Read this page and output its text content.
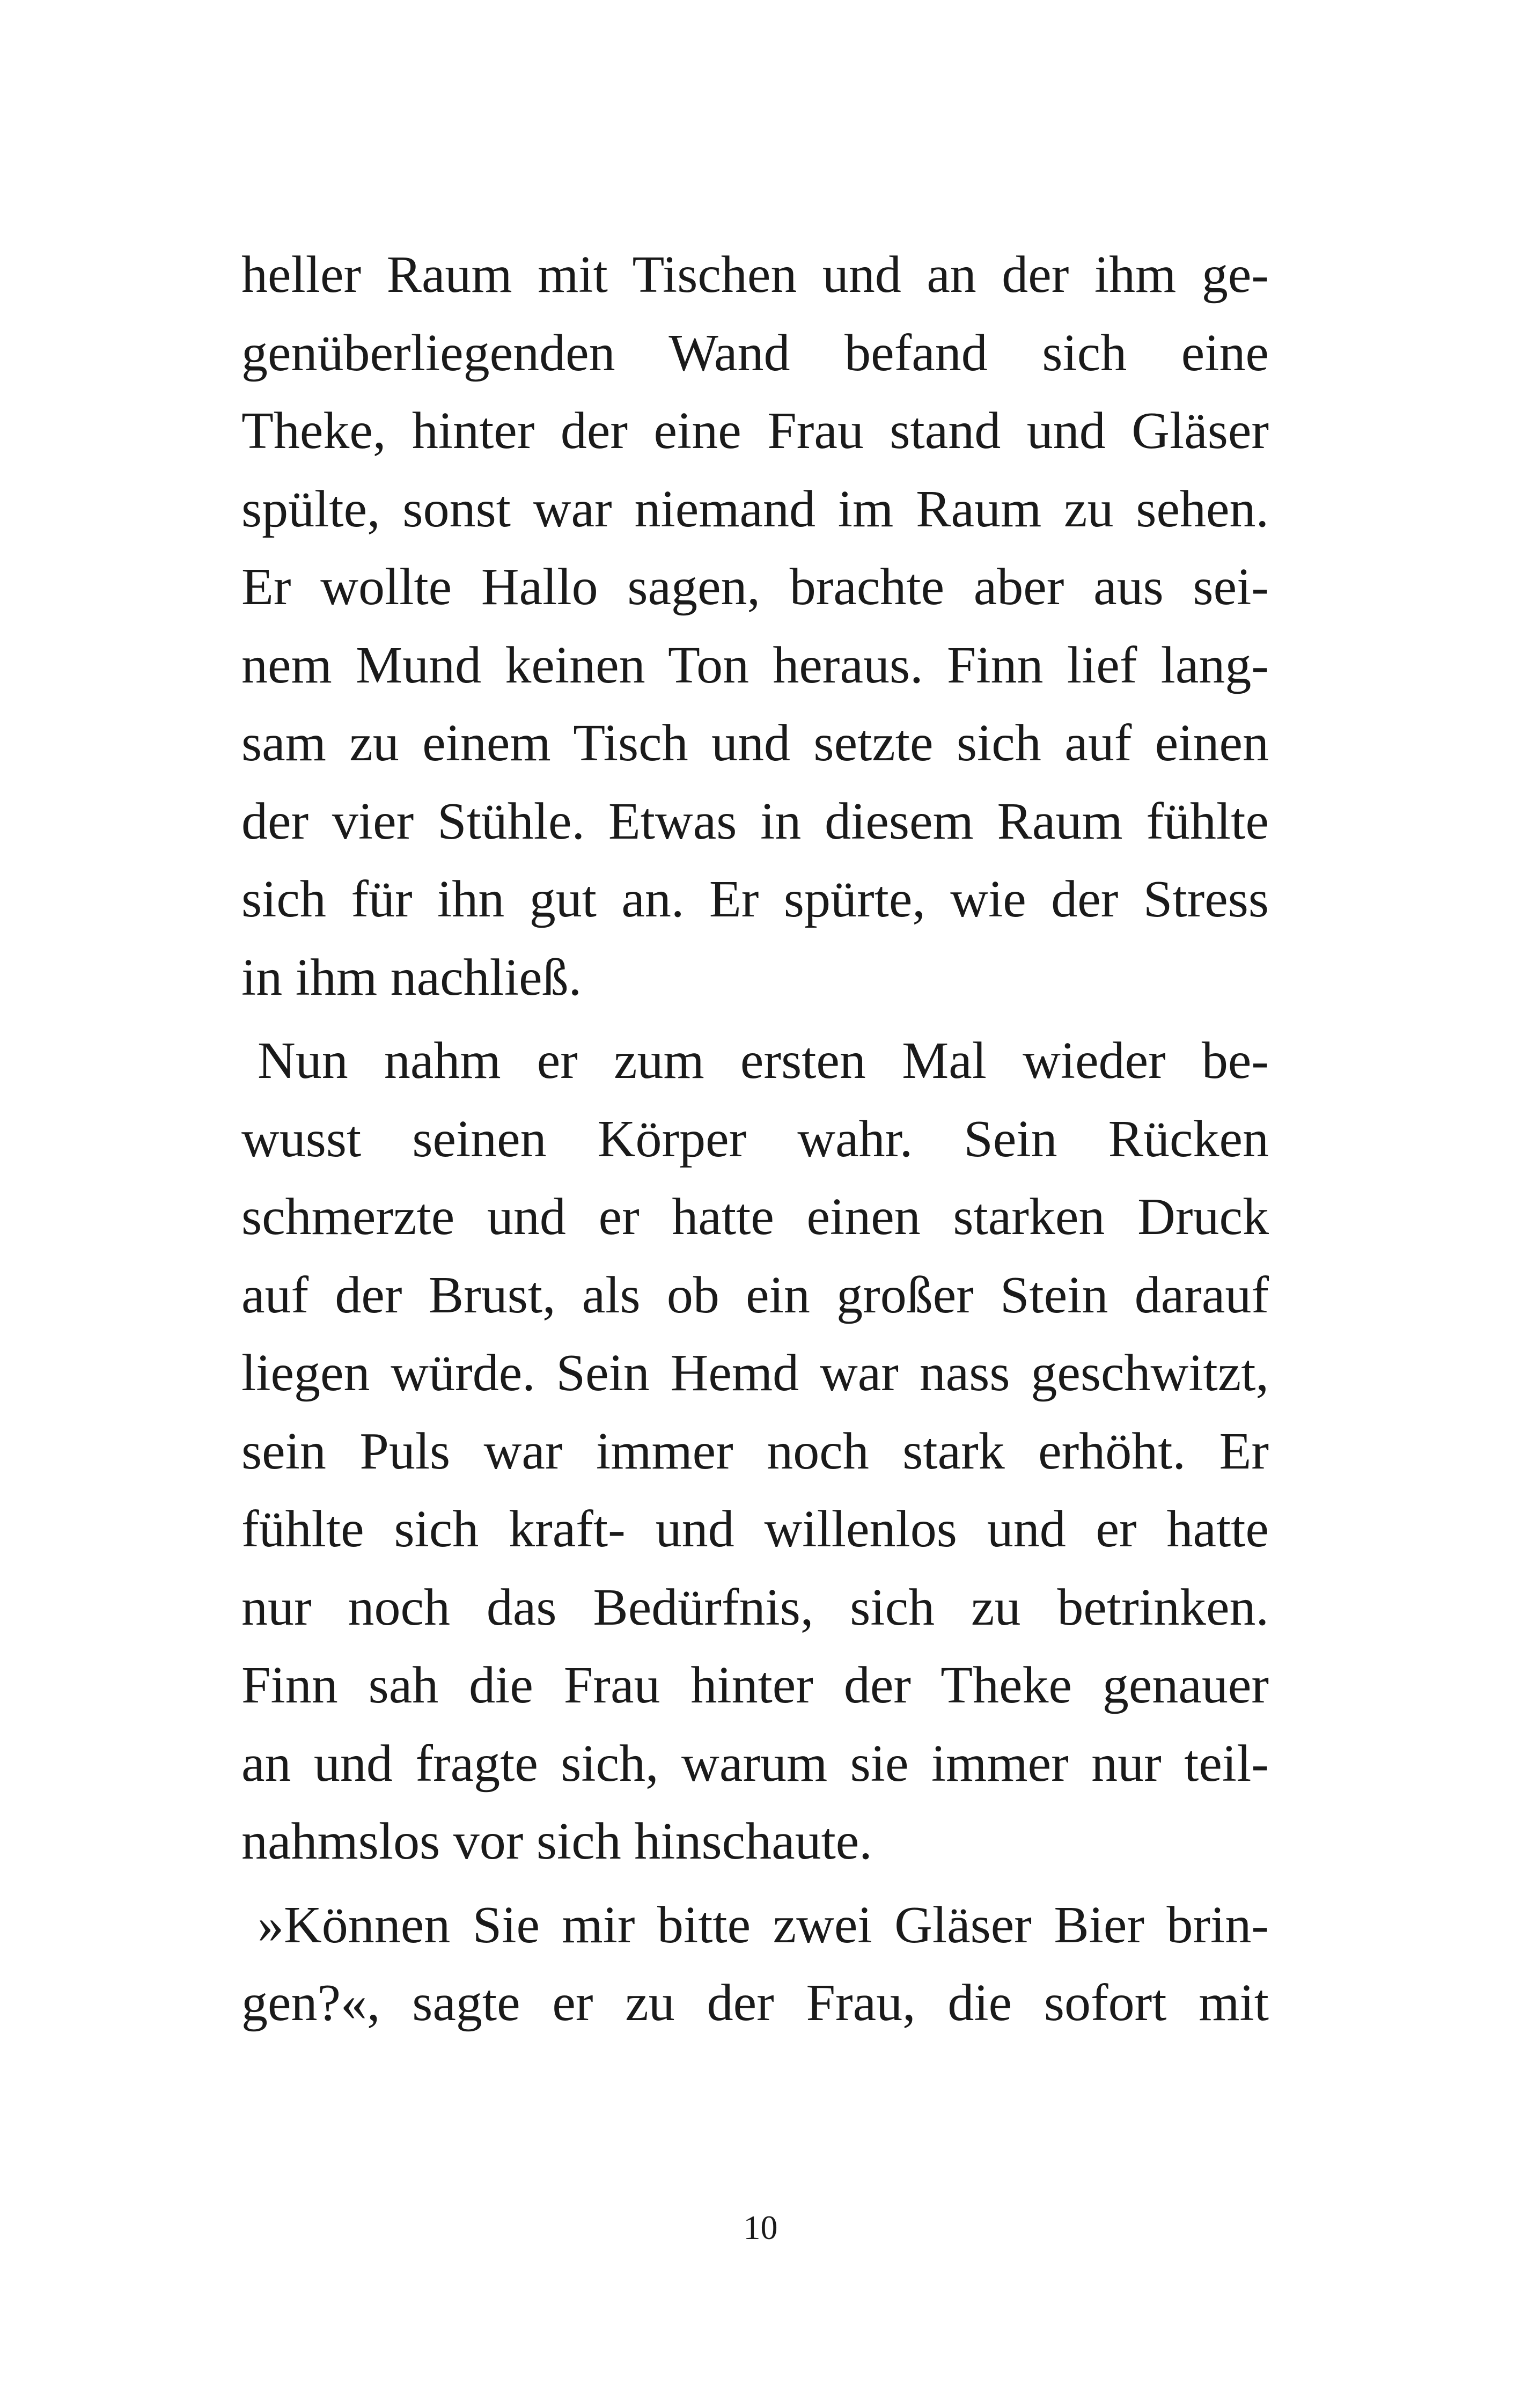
heller Raum mit Tischen und an der ihm ge-
genüberliegenden Wand befand sich eine
Theke, hinter der eine Frau stand und Gläser
spülte, sonst war niemand im Raum zu sehen.
Er wollte Hallo sagen, brachte aber aus sei-
nem Mund keinen Ton heraus. Finn lief lang-
sam zu einem Tisch und setzte sich auf einen
der vier Stühle. Etwas in diesem Raum fühlte
sich für ihn gut an. Er spürte, wie der Stress
in ihm nachließ.
Nun nahm er zum ersten Mal wieder be-
wusst seinen Körper wahr. Sein Rücken
schmerzte und er hatte einen starken Druck
auf der Brust, als ob ein großer Stein darauf
liegen würde. Sein Hemd war nass geschwitzt,
sein Puls war immer noch stark erhöht. Er
fühlte sich kraft- und willenlos und er hatte
nur noch das Bedürfnis, sich zu betrinken.
Finn sah die Frau hinter der Theke genauer
an und fragte sich, warum sie immer nur teil-
nahmslos vor sich hinschaute.
»Können Sie mir bitte zwei Gläser Bier brin-
gen?«, sagte er zu der Frau, die sofort mit
10
